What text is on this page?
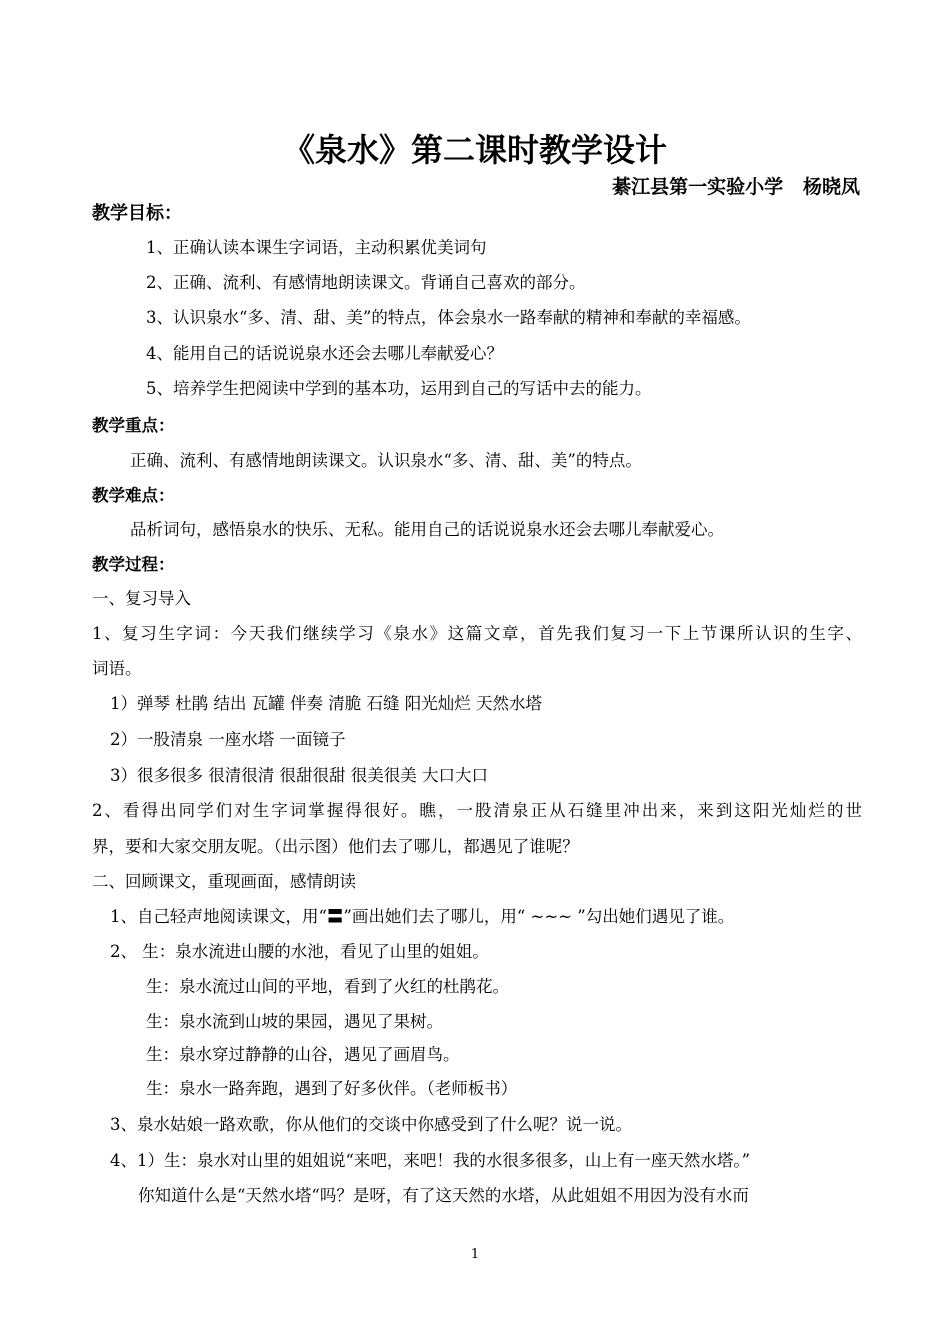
《泉水》第二课时教学设计
綦江县第一实验小学   杨晓凤
教学目标：
1、正确认读本课生字词语，主动积累优美词句
2、正确、流利、有感情地朗读课文。背诵自己喜欢的部分。
3、认识泉水“多、清、甜、美”的特点，体会泉水一路奉献的精神和奉献的幸福感。
4、能用自己的话说说泉水还会去哪儿奉献爱心？
5、培养学生把阅读中学到的基本功，运用到自己的写话中去的能力。
教学重点：
正确、流利、有感情地朗读课文。认识泉水“多、清、甜、美”的特点。
教学难点：
品析词句，感悟泉水的快乐、无私。能用自己的话说说泉水还会去哪儿奉献爱心。
教学过程：
一、复习导入
1、复习生字词：今天我们继续学习《泉水》这篇文章，首先我们复习一下上节课所认识的生字、
词语。
1）弹琴 杜鹃 结出 瓦罐 伴奏 清脆 石缝 阳光灿烂 天然水塔
2）一股清泉 一座水塔 一面镜子
3）很多很多 很清很清 很甜很甜 很美很美 大口大口
2、看得出同学们对生字词掌握得很好。瞧，一股清泉正从石缝里冲出来，来到这阳光灿烂的世
界，要和大家交朋友呢。（出示图）他们去了哪儿，都遇见了谁呢？
二、回顾课文，重现画面，感情朗读
1、自己轻声地阅读课文，用“〓”画出她们去了哪儿，用“ ~~~ ”勾出她们遇见了谁。
2、 生：泉水流进山腰的水池，看见了山里的姐姐。
生：泉水流过山间的平地，看到了火红的杜鹃花。
生：泉水流到山坡的果园，遇见了果树。
生：泉水穿过静静的山谷，遇见了画眉鸟。
生：泉水一路奔跑，遇到了好多伙伴。（老师板书）
3、泉水姑娘一路欢歌，你从他们的交谈中你感受到了什么呢？说一说。
4、1）生：泉水对山里的姐姐说“来吧，来吧！我的水很多很多，山上有一座天然水塔。”
你知道什么是“天然水塔“吗？是呀，有了这天然的水塔，从此姐姐不用因为没有水而
1
